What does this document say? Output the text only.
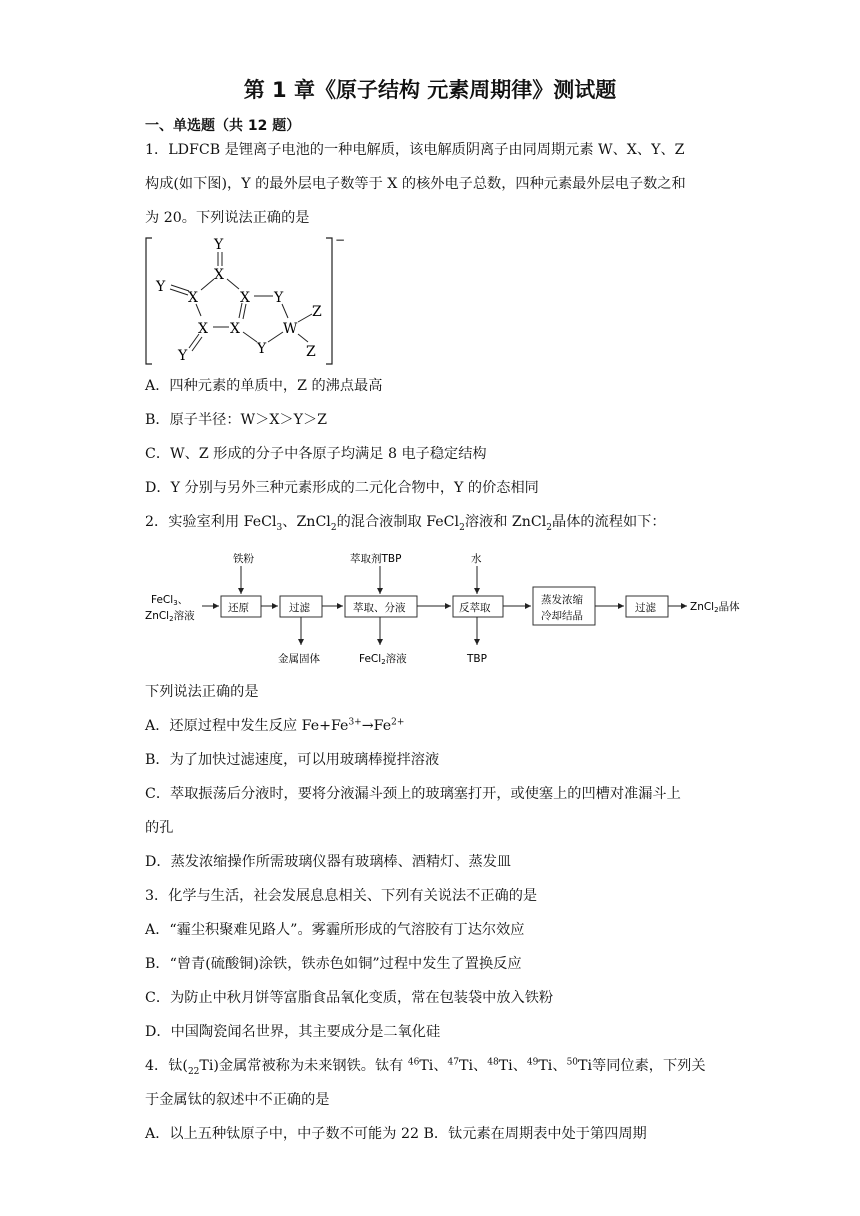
第 1 章《原子结构 元素周期律》测试题
一、单选题（共 12 题）
1．LDFCB 是锂离子电池的一种电解质，该电解质阴离子由同周期元素 W、X、Y、Z
构成(如下图)，Y 的最外层电子数等于 X 的核外电子总数，四种元素最外层电子数之和
为 20。下列说法正确的是
−
Y
X
Y
X	X Y
X X	W
Z
Z
Y
Y
A．四种元素的单质中，Z 的沸点最高
B．原子半径：W＞X＞Y＞Z
C．W、Z 形成的分子中各原子均满足 8 电子稳定结构
D．Y 分别与另外三种元素形成的二元化合物中，Y 的价态相同
2．实验室利用 FeCl$_3$、ZnCl$_2$的混合液制取 FeCl$_2$溶液和 ZnCl$_2$晶体的流程如下：
FeCl3、
ZnCl2溶液
铁粉
还原	过滤
金属固体
萃取剂TBP
萃取、分液
FeCl2溶液
水
反萃取
TBP
蒸发浓缩
冷却结晶
过滤	ZnCl2晶体
下列说法正确的是
A．还原过程中发生反应 $Fe+Fe^{3+}\to Fe^{2+}$
B．为了加快过滤速度，可以用玻璃棒搅拌溶液
C．萃取振荡后分液时，要将分液漏斗颈上的玻璃塞打开，或使塞上的凹槽对准漏斗上
的孔
D．蒸发浓缩操作所需玻璃仪器有玻璃棒、酒精灯、蒸发皿
3．化学与生活，社会发展息息相关、下列有关说法不正确的是
A．“霾尘积聚难见路人”。雾霾所形成的气溶胶有丁达尔效应
B．“曾青(硫酸铜)涂铁，铁赤色如铜”过程中发生了置换反应
C．为防止中秋月饼等富脂食品氧化变质，常在包装袋中放入铁粉
D．中国陶瓷闻名世界，其主要成分是二氧化硅
4．钛$(_{22}Ti)$金属常被称为未来钢铁。钛有 $^{46}$Ti、$^{47}$Ti、$^{48}$Ti、$^{49}$Ti、$^{50}$Ti等同位素，下列关
于金属钛的叙述中不正确的是
A．以上五种钛原子中，中子数不可能为 22 B．钛元素在周期表中处于第四周期
